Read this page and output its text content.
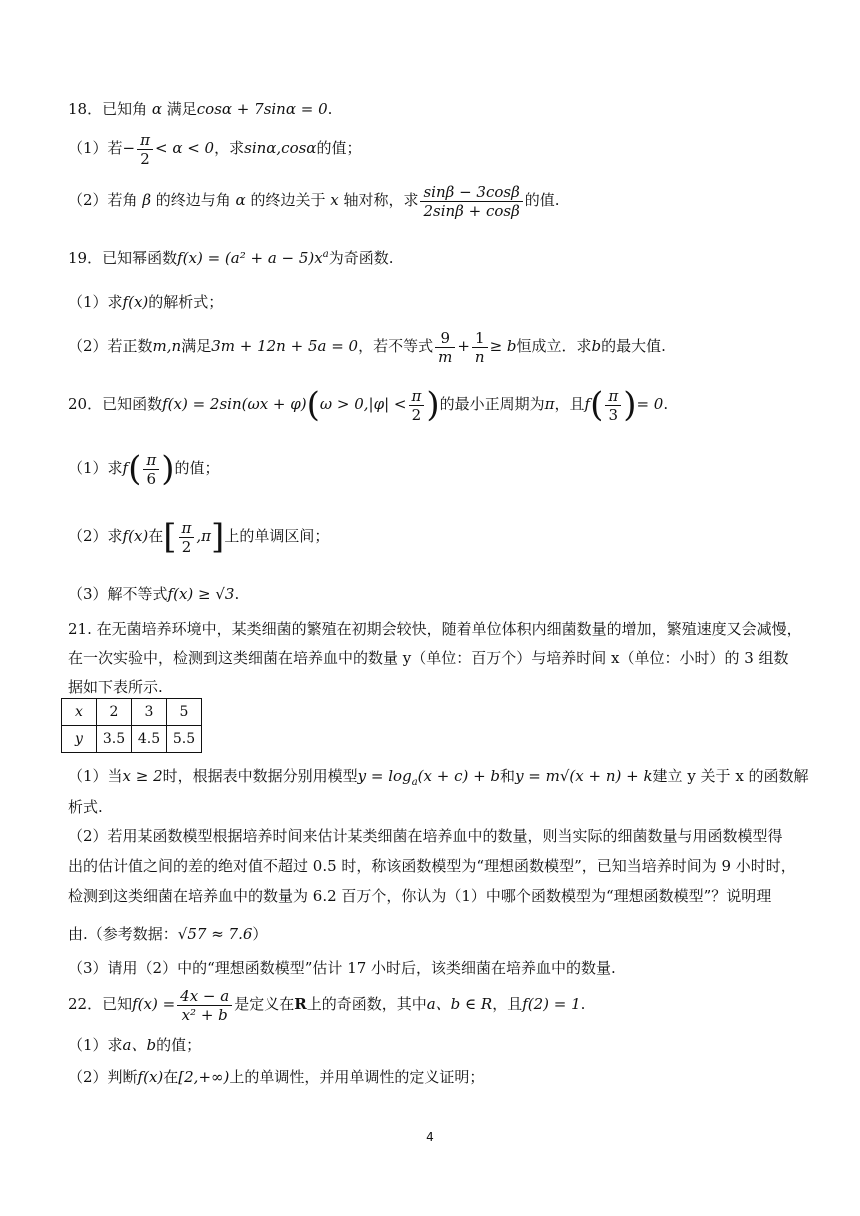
18．已知角 α 满足cosα + 7sinα = 0.
（1）若− $\frac{\pi}{2} < \alpha < 0$，求sinα,cosα的值；
（2）若角 β 的终边与角 α 的终边关于 x 轴对称，求 $\frac{\sin\beta - 3\cos\beta}{2\sin\beta + \cos\beta}$ 的值.
19．已知幂函数$f(x) = (a^2 + a - 5)x^a$为奇函数.
（1）求f(x)的解析式；
（2）若正数m,n满足3m + 12n + 5a = 0，若不等式 $\frac{9}{m} + \frac{1}{n} \ge b$恒成立．求b的最大值.
20．已知函数$f(x) = 2\sin(\omega x + \varphi)(\omega > 0,|\varphi| < \frac{\pi}{2}$ )的最小正周期为π，且$f( \frac{\pi}{3}$ )= 0.
（1）求$f( \frac{\pi}{6}$ )的值；
（2）求f(x)在[ $\frac{\pi}{2} ,\pi$]上的单调区间；
（3）解不等式f(x) ≥ √3.
21. 在无菌培养环境中，某类细菌的繁殖在初期会较快，随着单位体积内细菌数量的增加，繁殖速度又会减慢，
在一次实验中，检测到这类细菌在培养血中的数量 y（单位：百万个）与培养时间 x（单位：小时）的 3 组数
据如下表所示.
x	2	3	5
y	3.5	4.5	5.5
（1）当x ≥ 2时，根据表中数据分别用模型$y = \log_a(x + c) + b$和y = m√(x + n) + k建立 y 关于 x 的函数解
析式.
（2）若用某函数模型根据培养时间来估计某类细菌在培养血中的数量，则当实际的细菌数量与用函数模型得
出的估计值之间的差的绝对值不超过 0.5 时，称该函数模型为“理想函数模型”，已知当培养时间为 9 小时时，
检测到这类细菌在培养血中的数量为 6.2 百万个，你认为（1）中哪个函数模型为“理想函数模型”？说明理
由.（参考数据：√57 ≈ 7.6）
（3）请用（2）中的“理想函数模型”估计 17 小时后，该类细菌在培养血中的数量.
22．已知$f(x) = \frac{4x - a}{\text{x² + b}}$ 是定义在R上的奇函数，其中a、b ∈ R，且f(2) = 1.
（1）求a、b的值；
（2）判断f(x)在[2,+∞)上的单调性，并用单调性的定义证明；
4
